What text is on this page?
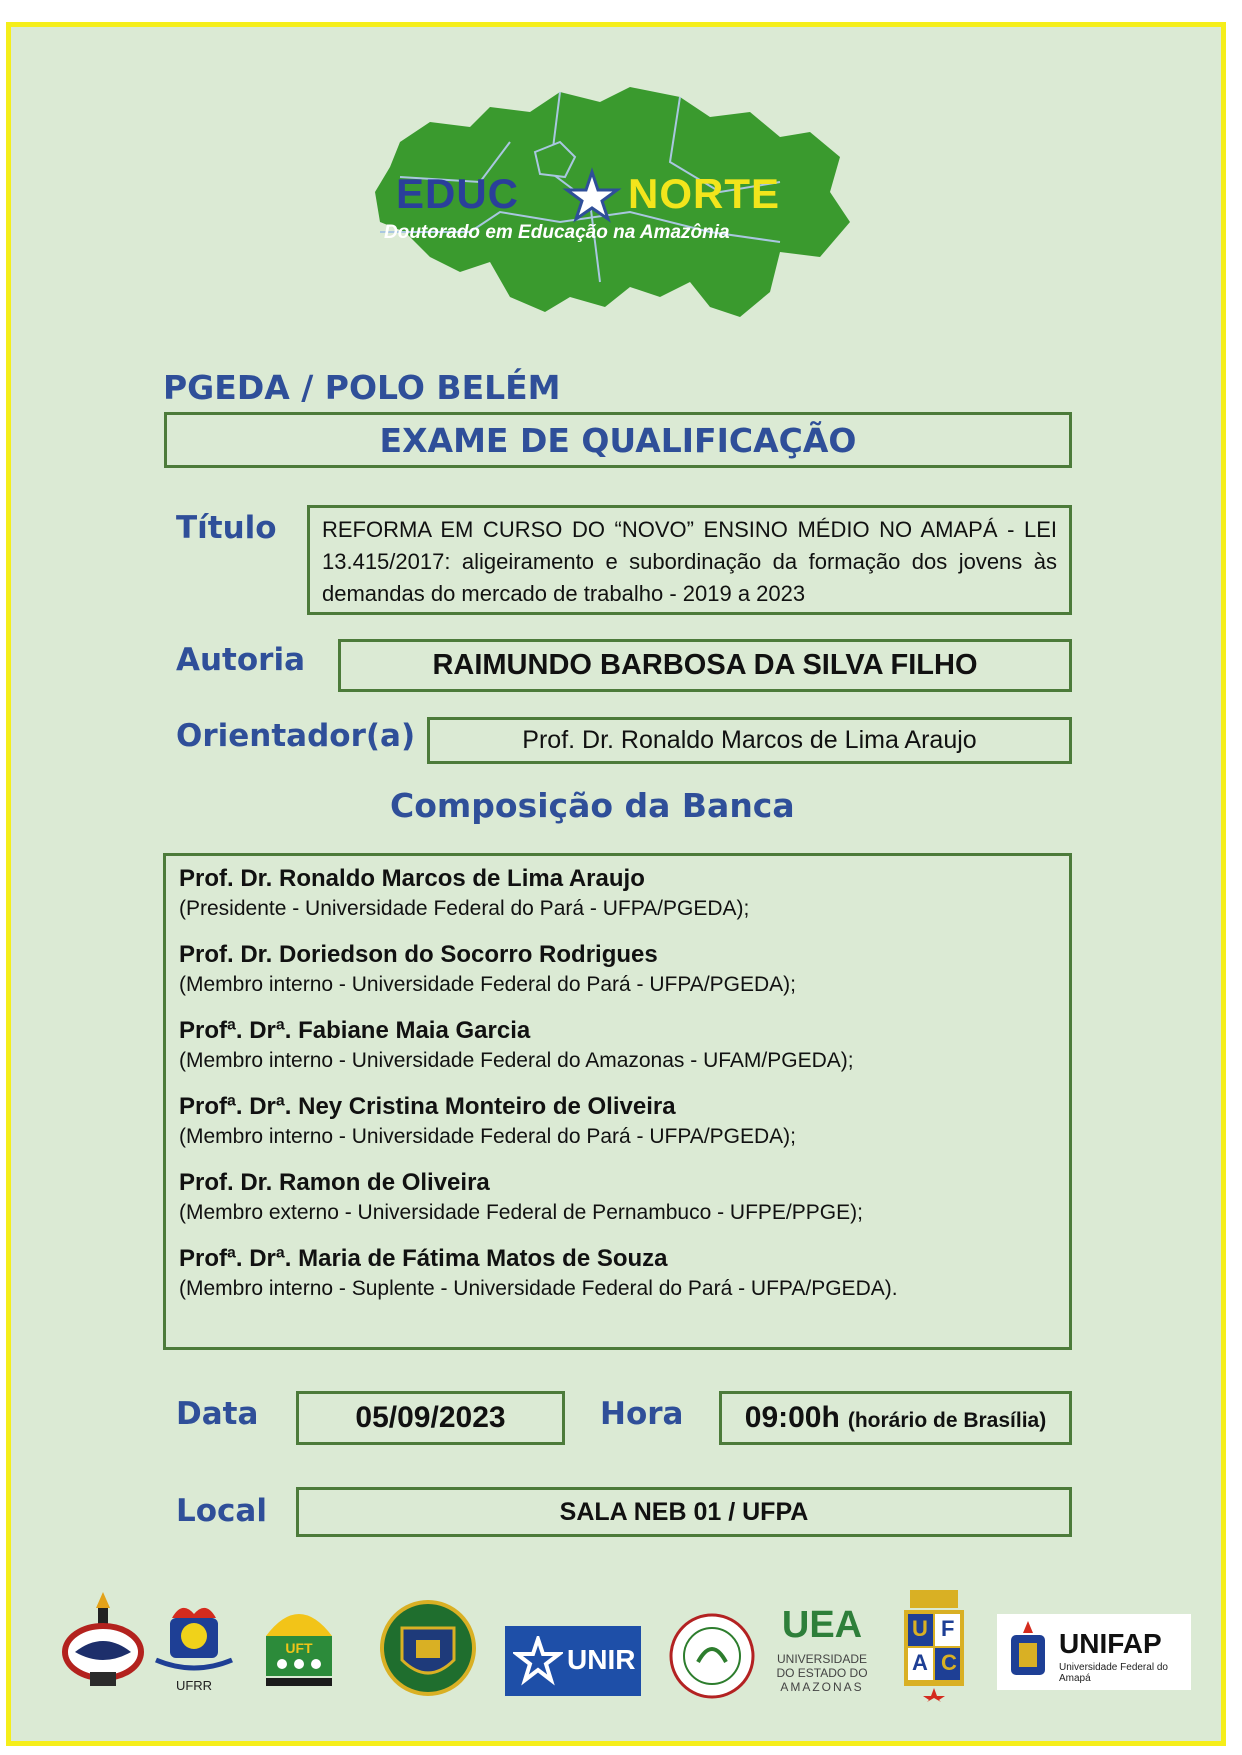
EDUC	NORTE
Doutorado em Educação na Amazônia
PGEDA / POLO BELÉM
EXAME DE QUALIFICAÇÃO
Título REFORMA EM CURSO DO “NOVO” ENSINO MÉDIO NO AMAPÁ - LEI 13.415/2017: aligeiramento e subordinação da formação dos jovens às demandas do mercado de trabalho - 2019 a 2023
Autoria	RAIMUNDO BARBOSA DA SILVA FILHO
Orientador(a)	Prof. Dr. Ronaldo Marcos de Lima Araujo
Composição da Banca
Prof. Dr. Ronaldo Marcos de Lima Araujo
(Presidente - Universidade Federal do Pará - UFPA/PGEDA);
Prof. Dr. Doriedson do Socorro Rodrigues
(Membro interno - Universidade Federal do Pará - UFPA/PGEDA);
Profª. Drª. Fabiane Maia Garcia
(Membro interno - Universidade Federal do Amazonas - UFAM/PGEDA);
Profª. Drª. Ney Cristina Monteiro de Oliveira
(Membro interno - Universidade Federal do Pará - UFPA/PGEDA);
Prof. Dr. Ramon de Oliveira
(Membro externo - Universidade Federal de Pernambuco - UFPE/PPGE);
Profª. Drª. Maria de Fátima Matos de Souza
(Membro interno - Suplente - Universidade Federal do Pará - UFPA/PGEDA).
Data	05/09/2023	Hora 09:00h (horário de Brasília)
Local	SALA NEB 01 / UFPA
UFRR
UFT	UNIR
UEA
UNIVERSIDADE
DO ESTADO DO
AMAZONAS
U F
A C
UNIFAP
Universidade Federal do Amapá
